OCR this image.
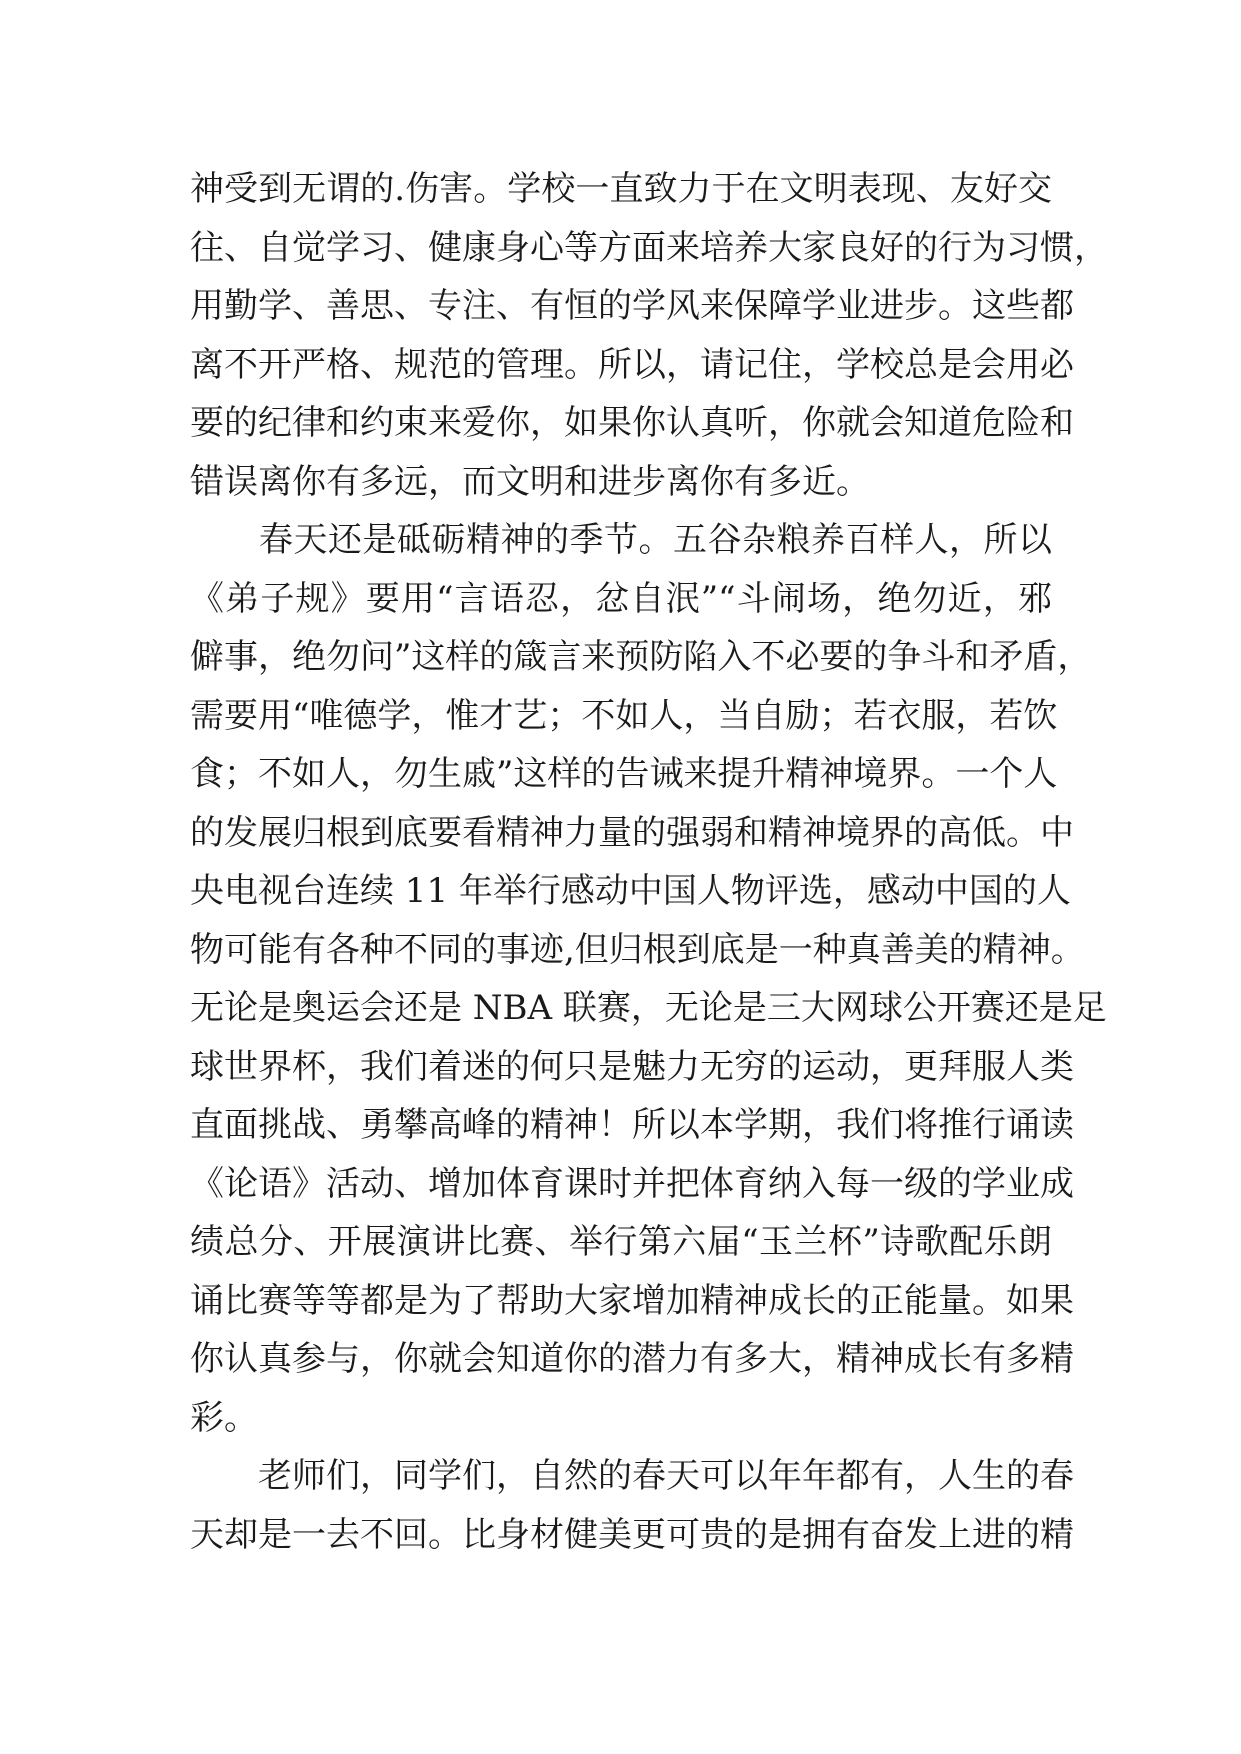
神受到无谓的.伤害。学校一直致力于在文明表现、友好交
往、自觉学习、健康身心等方面来培养大家良好的行为习惯，
用勤学、善思、专注、有恒的学风来保障学业进步。这些都
离不开严格、规范的管理。所以，请记住，学校总是会用必
要的纪律和约束来爱你，如果你认真听，你就会知道危险和
错误离你有多远，而文明和进步离你有多近。
　　春天还是砥砺精神的季节。五谷杂粮养百样人，所以
《弟子规》要用“言语忍，忿自泯”“斗闹场，绝勿近，邪
僻事，绝勿问”这样的箴言来预防陷入不必要的争斗和矛盾，
需要用“唯德学，惟才艺；不如人，当自励；若衣服，若饮
食；不如人，勿生戚”这样的告诫来提升精神境界。一个人
的发展归根到底要看精神力量的强弱和精神境界的高低。中
央电视台连续 11 年举行感动中国人物评选，感动中国的人
物可能有各种不同的事迹,但归根到底是一种真善美的精神。
无论是奥运会还是 NBA 联赛，无论是三大网球公开赛还是足
球世界杯，我们着迷的何只是魅力无穷的运动，更拜服人类
直面挑战、勇攀高峰的精神！所以本学期，我们将推行诵读
《论语》活动、增加体育课时并把体育纳入每一级的学业成
绩总分、开展演讲比赛、举行第六届“玉兰杯”诗歌配乐朗
诵比赛等等都是为了帮助大家增加精神成长的正能量。如果
你认真参与，你就会知道你的潜力有多大，精神成长有多精
彩。
　　老师们，同学们，自然的春天可以年年都有，人生的春
天却是一去不回。比身材健美更可贵的是拥有奋发上进的精
